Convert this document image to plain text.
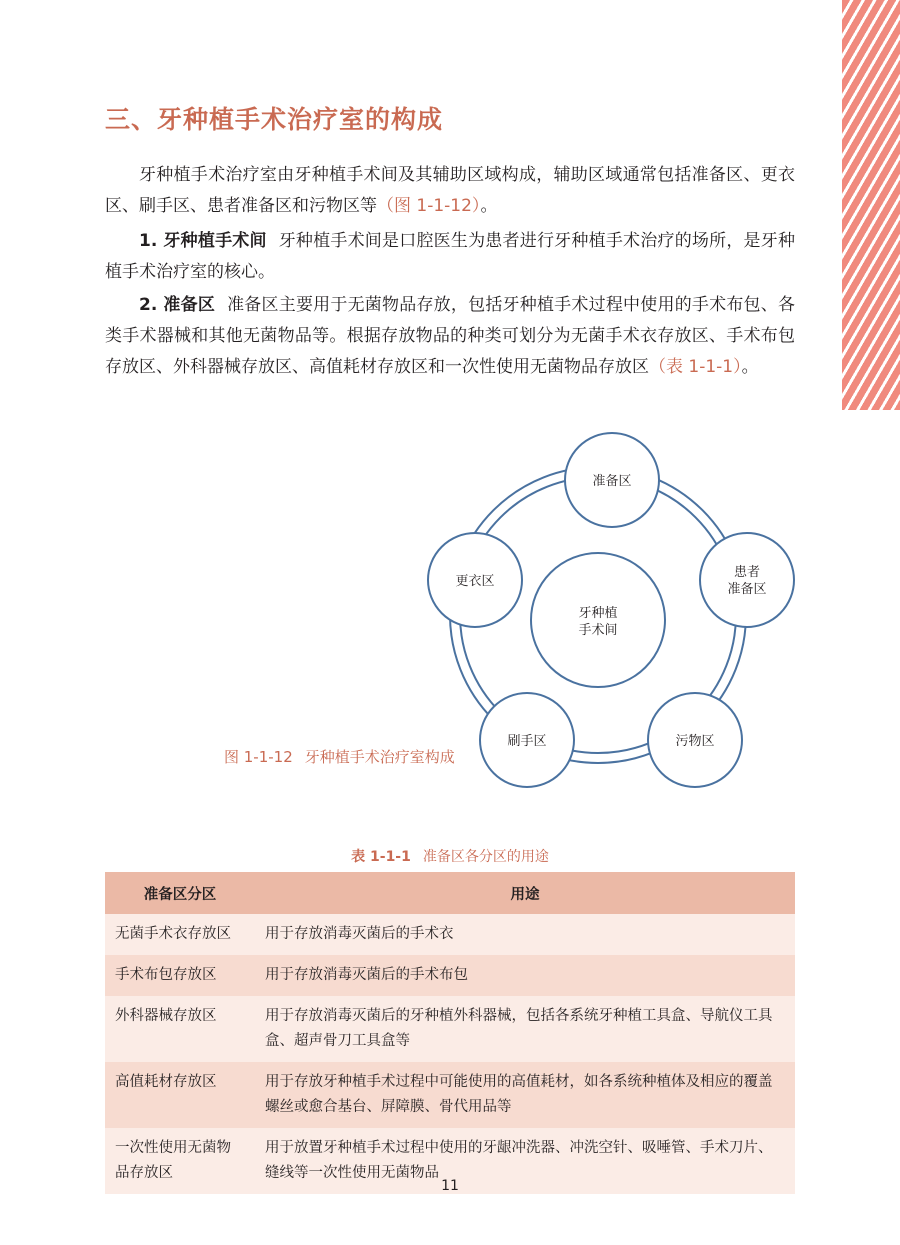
三、牙种植手术治疗室的构成

牙种植手术治疗室由牙种植手术间及其辅助区域构成，辅助区域通常包括准备区、更衣区、刷手区、患者准备区和污物区等（图 1-1-12）。

1. 牙种植手术间 牙种植手术间是口腔医生为患者进行牙种植手术治疗的场所，是牙种植手术治疗室的核心。

2. 准备区 准备区主要用于无菌物品存放，包括牙种植手术过程中使用的手术布包、各类手术器械和其他无菌物品等。根据存放物品的种类可划分为无菌手术衣存放区、手术布包存放区、外科器械存放区、高值耗材存放区和一次性使用无菌物品存放区（表 1-1-1）。

牙种植
手术间
准备区
患者
准备区
污物区
刷手区
更衣区
图 1-1-12 牙种植手术治疗室构成
表 1-1-1 准备区各分区的用途
准备区分区	用途
无菌手术衣存放区	用于存放消毒灭菌后的手术衣
手术布包存放区	用于存放消毒灭菌后的手术布包
外科器械存放区	用于存放消毒灭菌后的牙种植外科器械，包括各系统牙种植工具盒、导航仪工具盒、超声骨刀工具盒等
高值耗材存放区	用于存放牙种植手术过程中可能使用的高值耗材，如各系统种植体及相应的覆盖螺丝或愈合基台、屏障膜、骨代用品等
一次性使用无菌物品存放区	用于放置牙种植手术过程中使用的牙龈冲洗器、冲洗空针、吸唾管、手术刀片、缝线等一次性使用无菌物品
11
